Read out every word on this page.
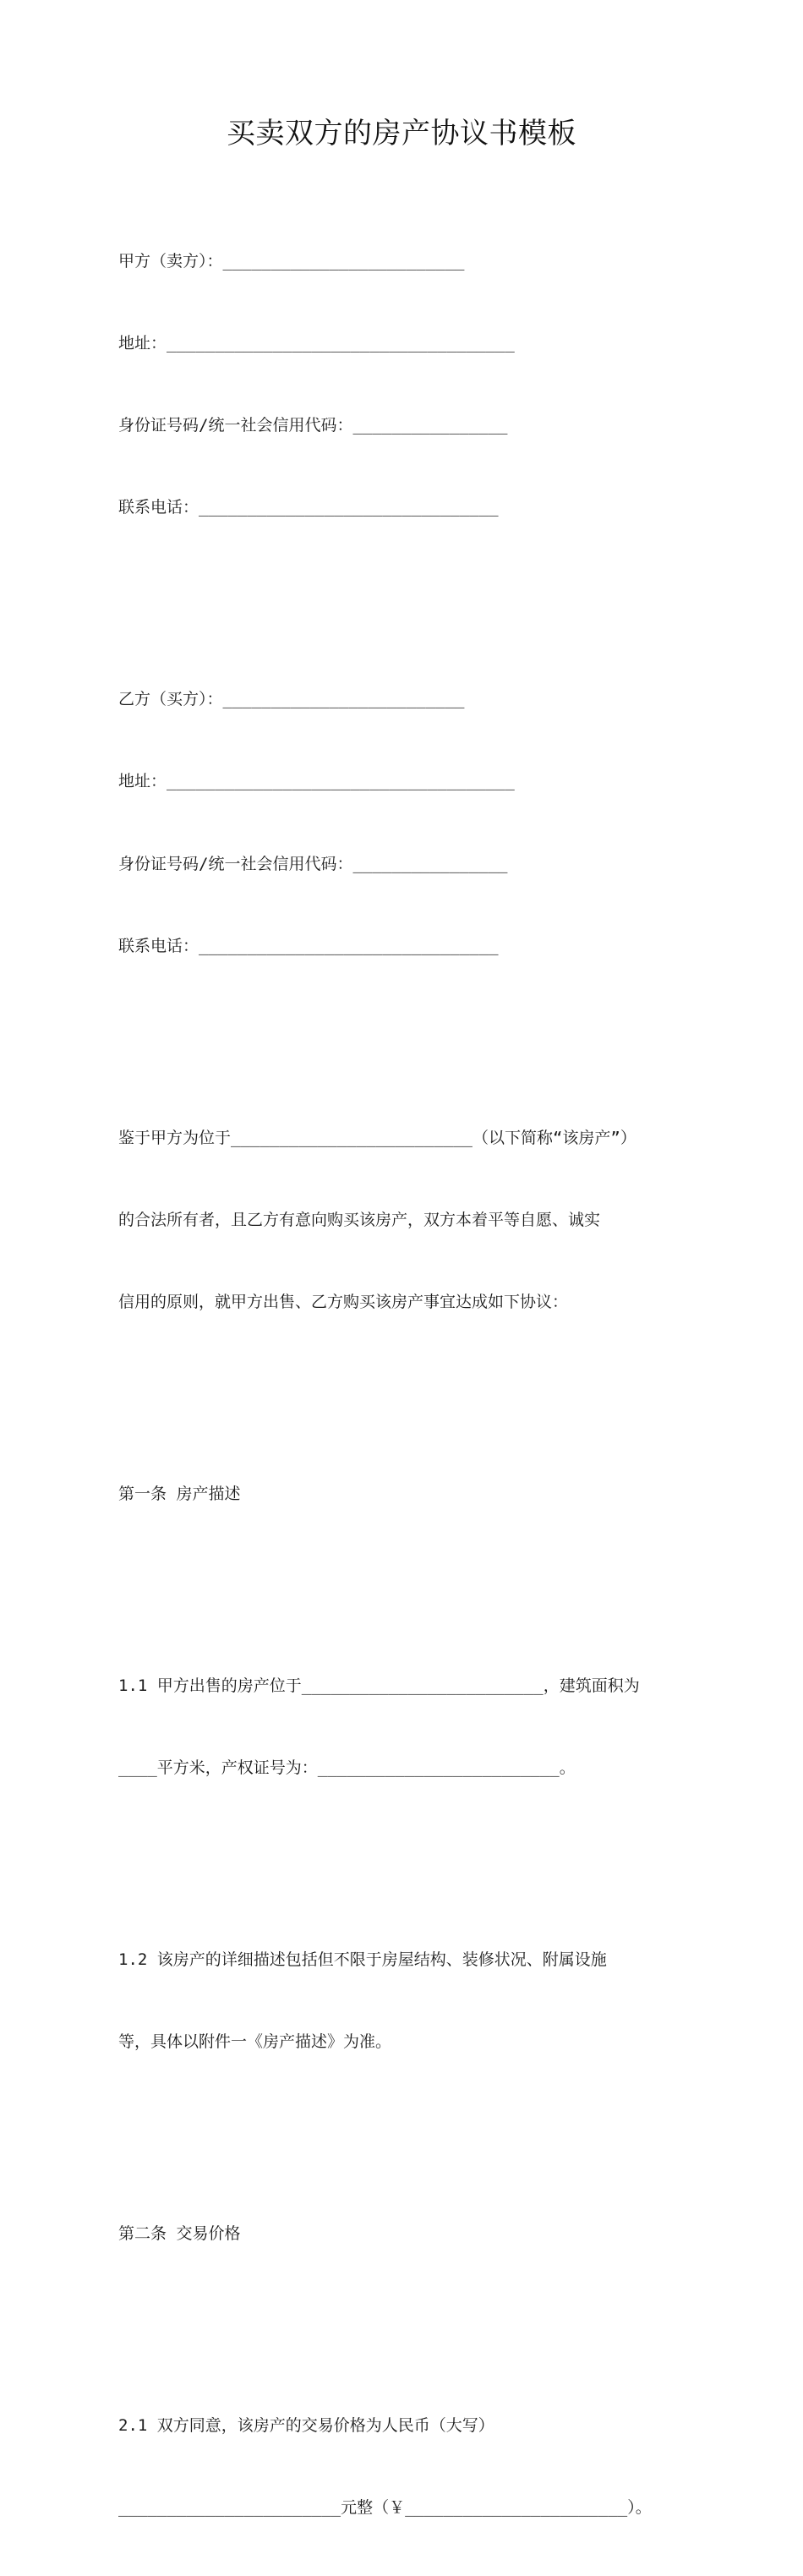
买卖双方的房产协议书模板

甲方（卖方）：_________________________

地址：____________________________________

身份证号码/统一社会信用代码：________________

联系电话：_______________________________

乙方（买方）：_________________________

地址：____________________________________

身份证号码/统一社会信用代码：________________

联系电话：_______________________________

鉴于甲方为位于_________________________（以下简称“该房产”）

的合法所有者，且乙方有意向购买该房产，双方本着平等自愿、诚实

信用的原则，就甲方出售、乙方购买该房产事宜达成如下协议：

第一条 房产描述

1.1 甲方出售的房产位于_________________________，建筑面积为

____平方米，产权证号为：_________________________。

1.2 该房产的详细描述包括但不限于房屋结构、装修状况、附属设施

等，具体以附件一《房产描述》为准。

第二条 交易价格

2.1 双方同意，该房产的交易价格为人民币（大写）

_______________________元整（￥_______________________）。
